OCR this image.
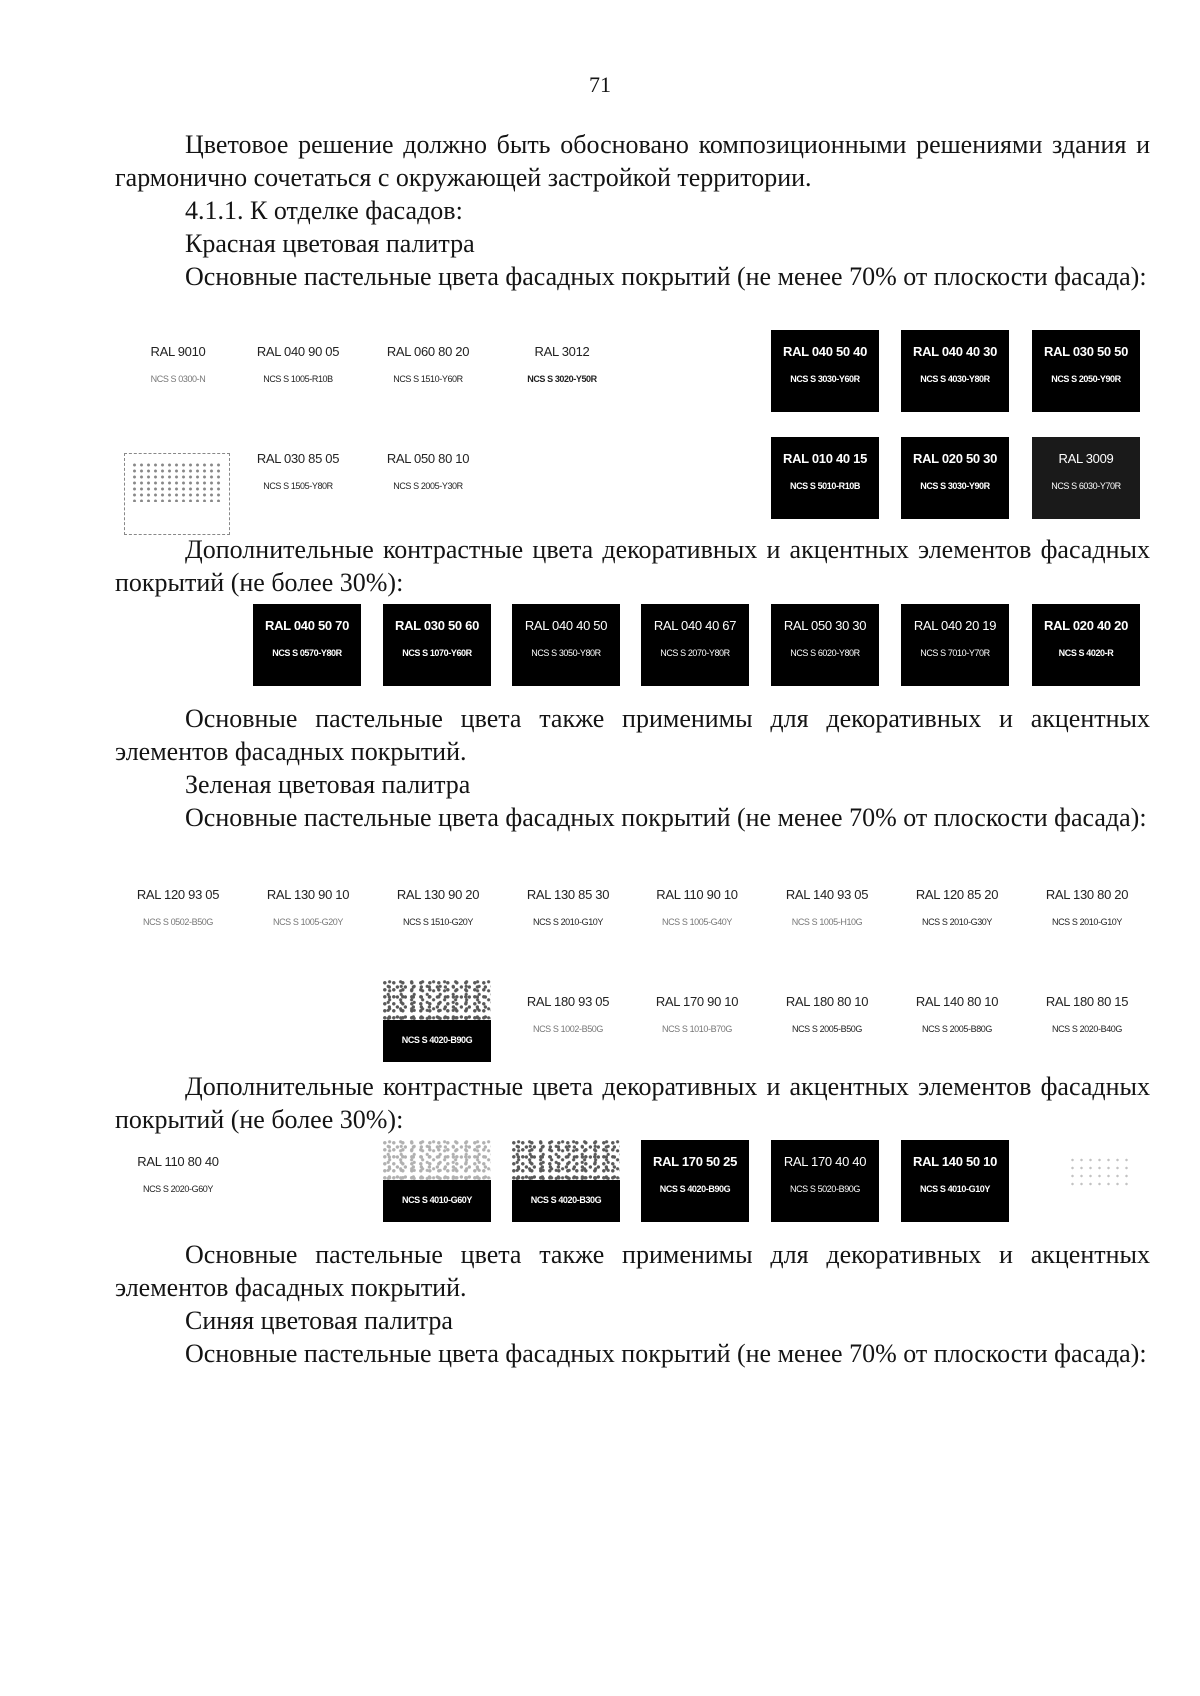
71

Цветовое решение должно быть обосновано композиционными решениями здания и гармонично сочетаться с окружающей застройкой территории.

4.1.1. К отделке фасадов:

Красная цветовая палитра

Основные пастельные цвета фасадных покрытий (не менее 70% от плоскости фасада):

RAL 9010
NCS S 0300-N
RAL 040 90 05
NCS S 1005-R10B
RAL 060 80 20
NCS S 1510-Y60R
RAL 3012
NCS S 3020-Y50R
RAL 040 50 40
NCS S 3030-Y60R
RAL 040 40 30
NCS S 4030-Y80R
RAL 030 50 50
NCS S 2050-Y90R
RAL 030 85 05
NCS S 1505-Y80R
RAL 050 80 10
NCS S 2005-Y30R
RAL 010 40 15
NCS S 5010-R10B
RAL 020 50 30
NCS S 3030-Y90R
RAL 3009
NCS S 6030-Y70R

Дополнительные контрастные цвета декоративных и акцентных элементов фасадных покрытий (не более 30%):

RAL 040 50 70
NCS S 0570-Y80R
RAL 030 50 60
NCS S 1070-Y60R
RAL 040 40 50
NCS S 3050-Y80R
RAL 040 40 67
NCS S 2070-Y80R
RAL 050 30 30
NCS S 6020-Y80R
RAL 040 20 19
NCS S 7010-Y70R
RAL 020 40 20
NCS S 4020-R

Основные пастельные цвета также применимы для декоративных и акцентных элементов фасадных покрытий.

Зеленая цветовая палитра

Основные пастельные цвета фасадных покрытий (не менее 70% от плоскости фасада):

RAL 120 93 05
NCS S 0502-B50G
RAL 130 90 10
NCS S 1005-G20Y
RAL 130 90 20
NCS S 1510-G20Y
RAL 130 85 30
NCS S 2010-G10Y
RAL 110 90 10
NCS S 1005-G40Y
RAL 140 93 05
NCS S 1005-H10G
RAL 120 85 20
NCS S 2010-G30Y
RAL 130 80 20
NCS S 2010-G10Y
NCS S 4020-B90G
RAL 180 93 05
NCS S 1002-B50G
RAL 170 90 10
NCS S 1010-B70G
RAL 180 80 10
NCS S 2005-B50G
RAL 140 80 10
NCS S 2005-B80G
RAL 180 80 15
NCS S 2020-B40G

Дополнительные контрастные цвета декоративных и акцентных элементов фасадных покрытий (не более 30%):

RAL 110 80 40
NCS S 2020-G60Y
NCS S 4010-G60Y	NCS S 4020-B30G
RAL 170 50 25
NCS S 4020-B90G
RAL 170 40 40
NCS S 5020-B90G
RAL 140 50 10
NCS S 4010-G10Y

Основные пастельные цвета также применимы для декоративных и акцентных элементов фасадных покрытий.

Синяя цветовая палитра

Основные пастельные цвета фасадных покрытий (не менее 70% от плоскости фасада):
